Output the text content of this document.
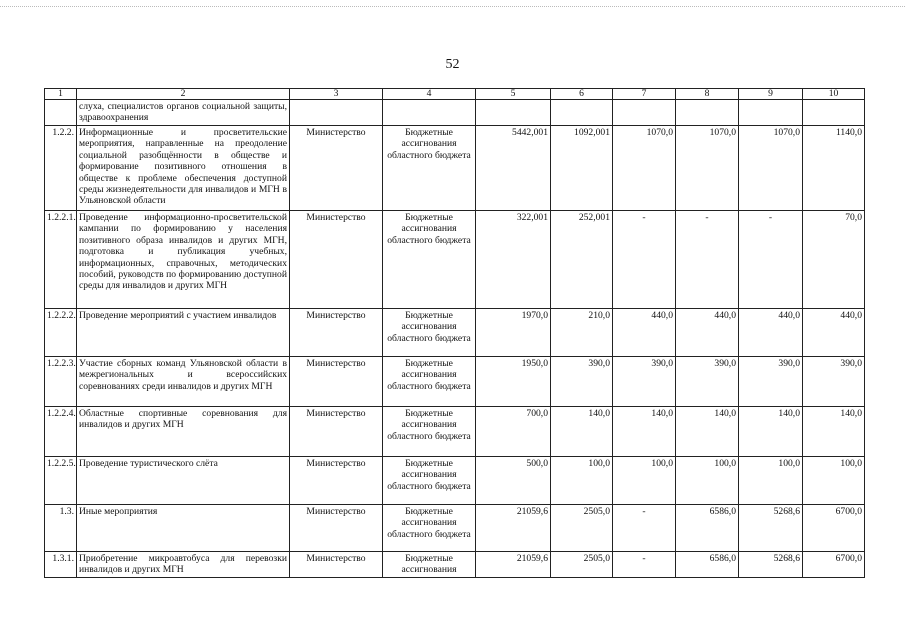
52
1	2	3	4	5	6	7	8	9	10
	слуха, специалистов органов социальной защиты, здравоохранения								
1.2.2.	Информационные и просветительские мероприятия, направленные на преодоление социальной разобщённости в обществе и формирование позитивного отношения в обществе к проблеме обеспечения доступной среды жизнедеятельности для инвалидов и МГН в Ульяновской области	Министерство	Бюджетные ассигнования областного бюджета	5442,001	1092,001	1070,0	1070,0	1070,0	1140,0
1.2.2.1.	Проведение информационно-просветительской кампании по формированию у населения позитивного образа инвалидов и других МГН, подготовка и публикация учебных, информационных, справочных, методических пособий, руководств по формированию доступной среды для инвалидов и других МГН	Министерство	Бюджетные ассигнования областного бюджета	322,001	252,001	-	-	-	70,0
1.2.2.2.	Проведение мероприятий с участием инвалидов	Министерство	Бюджетные ассигнования областного бюджета	1970,0	210,0	440,0	440,0	440,0	440,0
1.2.2.3.	Участие сборных команд Ульяновской области в межрегиональных и всероссийских соревнованиях среди инвалидов и других МГН	Министерство	Бюджетные ассигнования областного бюджета	1950,0	390,0	390,0	390,0	390,0	390,0
1.2.2.4.	Областные спортивные соревнования для инвалидов и других МГН	Министерство	Бюджетные ассигнования областного бюджета	700,0	140,0	140,0	140,0	140,0	140,0
1.2.2.5.	Проведение туристического слёта	Министерство	Бюджетные ассигнования областного бюджета	500,0	100,0	100,0	100,0	100,0	100,0
1.3.	Иные мероприятия	Министерство	Бюджетные ассигнования областного бюджета	21059,6	2505,0	-	6586,0	5268,6	6700,0
1.3.1.	Приобретение микроавтобуса для перевозки инвалидов и других МГН	Министерство	Бюджетные ассигнования	21059,6	2505,0	-	6586,0	5268,6	6700,0
